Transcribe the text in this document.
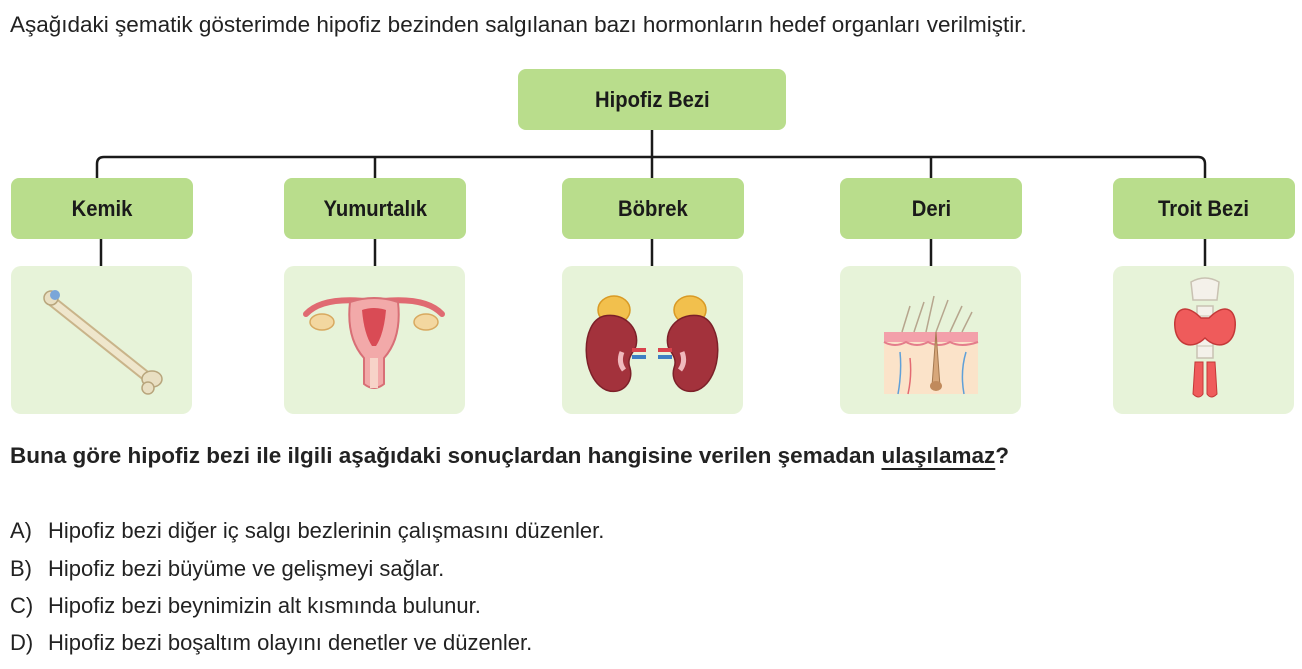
Aşağıdaki şematik gösterimde hipofiz bezinden salgılanan bazı hormonların hedef organları verilmiştir.
Hipofiz Bezi
Kemik	Yumurtalık	Böbrek	Deri	Troit Bezi
Buna göre hipofiz bezi ile ilgili aşağıdaki sonuçlardan hangisine verilen şemadan ulaşılamaz?
A) Hipofiz bezi diğer iç salgı bezlerinin çalışmasını düzenler.
B) Hipofiz bezi büyüme ve gelişmeyi sağlar.
C) Hipofiz bezi beynimizin alt kısmında bulunur.
D) Hipofiz bezi boşaltım olayını denetler ve düzenler.
